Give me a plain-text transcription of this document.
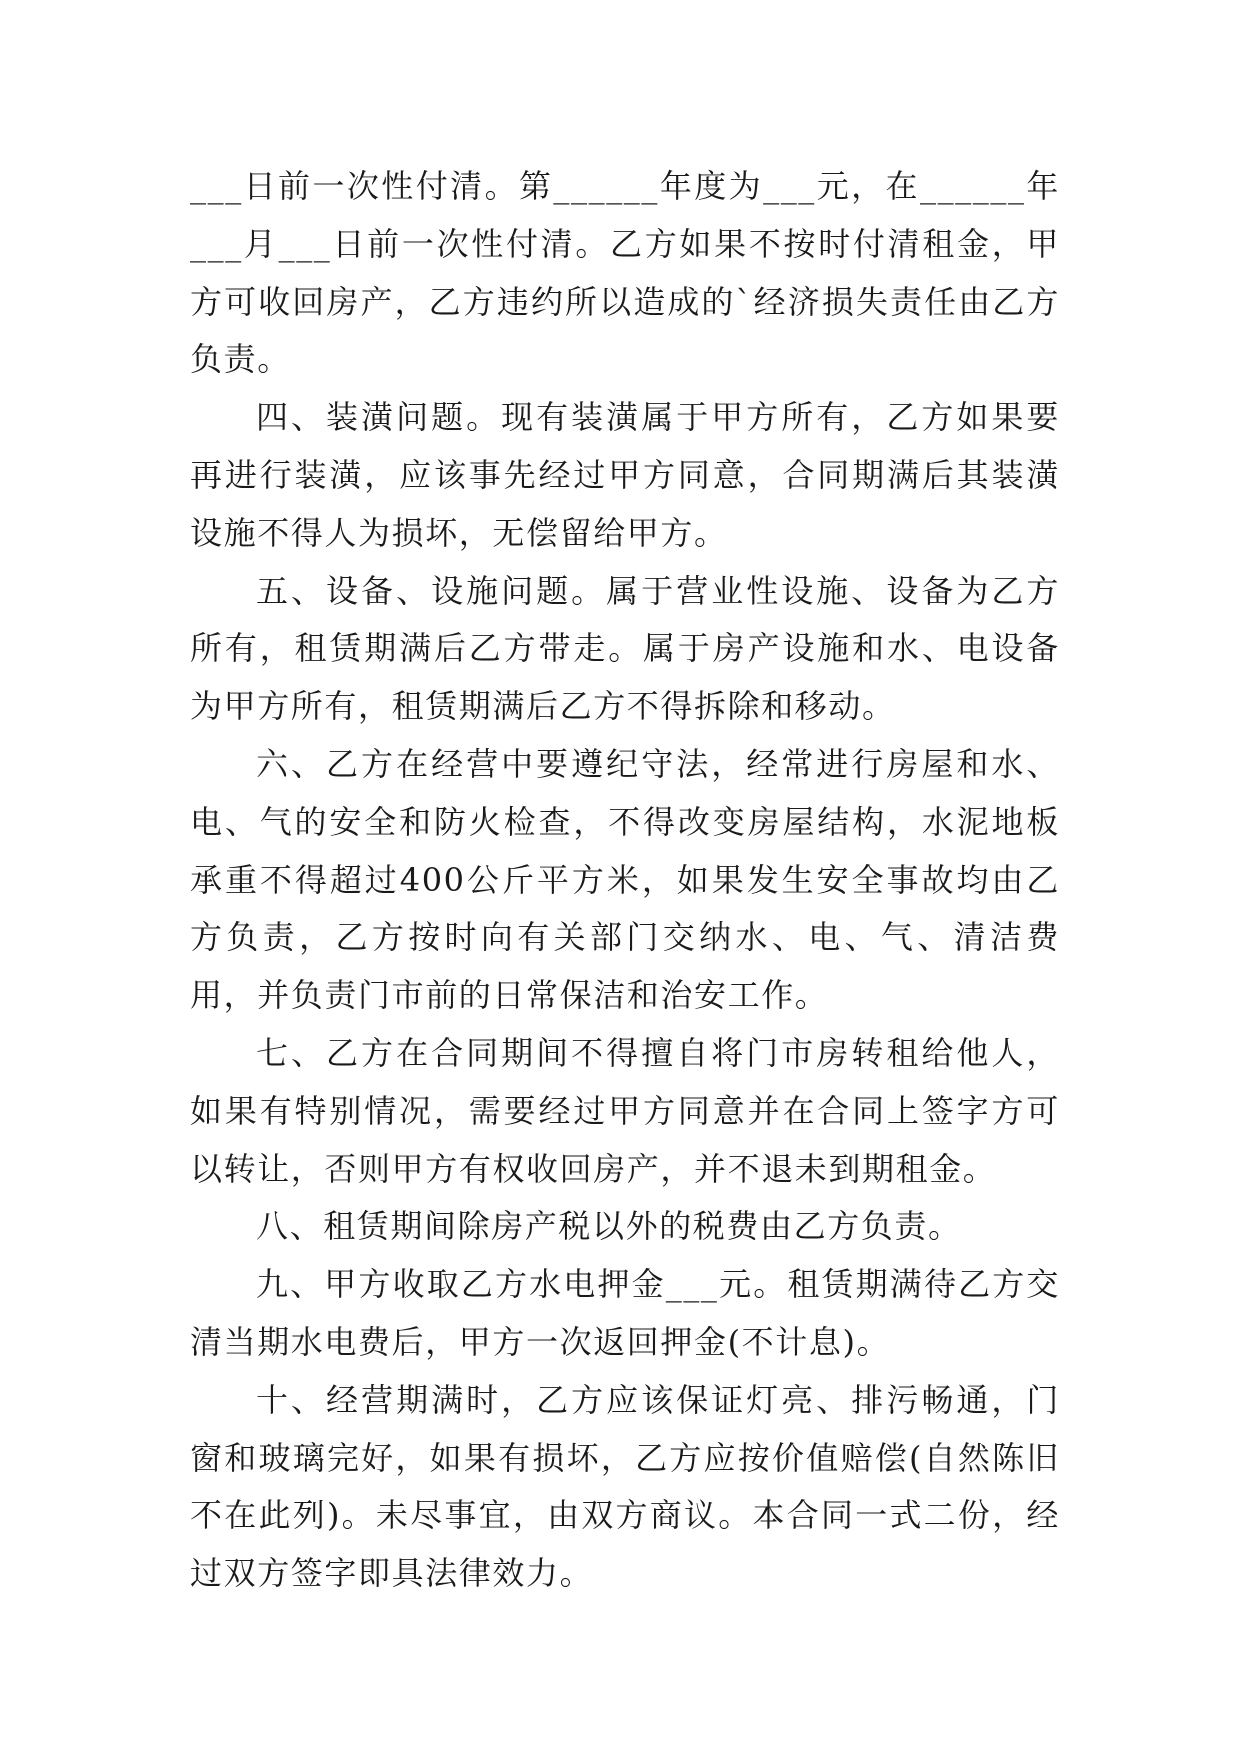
___日前一次性付清。第______年度为___元，在______年___月___日前一次性付清。乙方如果不按时付清租金，甲方可收回房产，乙方违约所以造成的`经济损失责任由乙方负责。

四、装潢问题。现有装潢属于甲方所有，乙方如果要再进行装潢，应该事先经过甲方同意，合同期满后其装潢设施不得人为损坏，无偿留给甲方。

五、设备、设施问题。属于营业性设施、设备为乙方所有，租赁期满后乙方带走。属于房产设施和水、电设备为甲方所有，租赁期满后乙方不得拆除和移动。

六、乙方在经营中要遵纪守法，经常进行房屋和水、电、气的安全和防火检查，不得改变房屋结构，水泥地板承重不得超过400公斤平方米，如果发生安全事故均由乙方负责，乙方按时向有关部门交纳水、电、气、清洁费用，并负责门市前的日常保洁和治安工作。

七、乙方在合同期间不得擅自将门市房转租给他人，如果有特别情况，需要经过甲方同意并在合同上签字方可以转让，否则甲方有权收回房产，并不退未到期租金。

八、租赁期间除房产税以外的税费由乙方负责。

九、甲方收取乙方水电押金___元。租赁期满待乙方交清当期水电费后，甲方一次返回押金(不计息)。

十、经营期满时，乙方应该保证灯亮、排污畅通，门窗和玻璃完好，如果有损坏，乙方应按价值赔偿(自然陈旧不在此列)。未尽事宜，由双方商议。本合同一式二份，经过双方签字即具法律效力。
